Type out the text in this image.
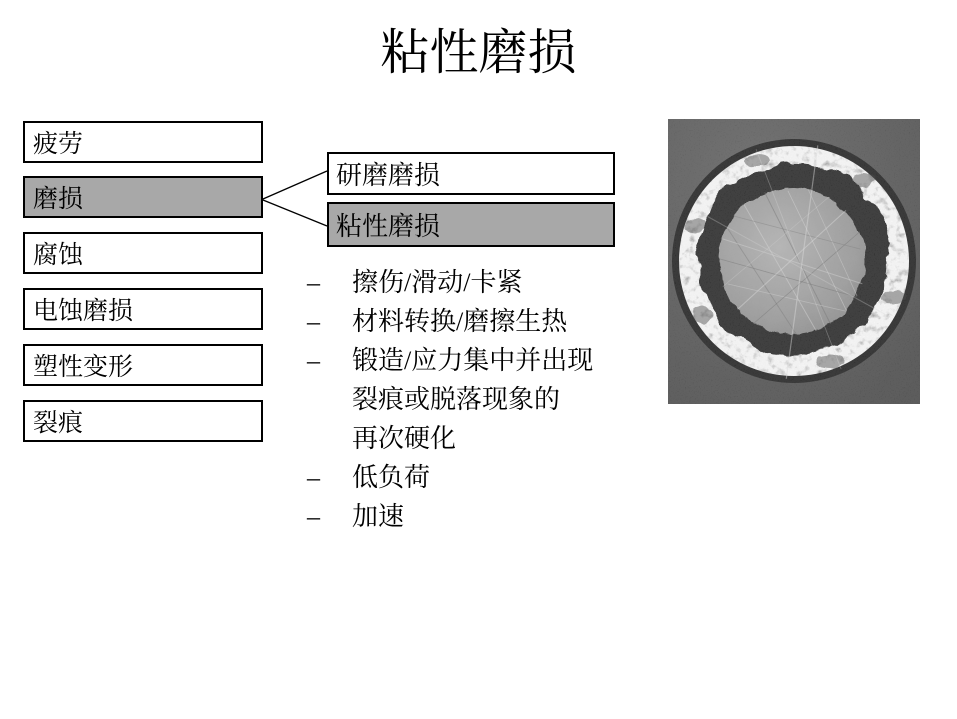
粘性磨损
疲劳
磨损
腐蚀
电蚀磨损
塑性变形
裂痕
研磨磨损
粘性磨损
–	擦伤/滑动/卡紧
–	材料转换/磨擦生热
–	锻造/应力集中并出现
裂痕或脱落现象的
再次硬化
–	低负荷
–	加速
